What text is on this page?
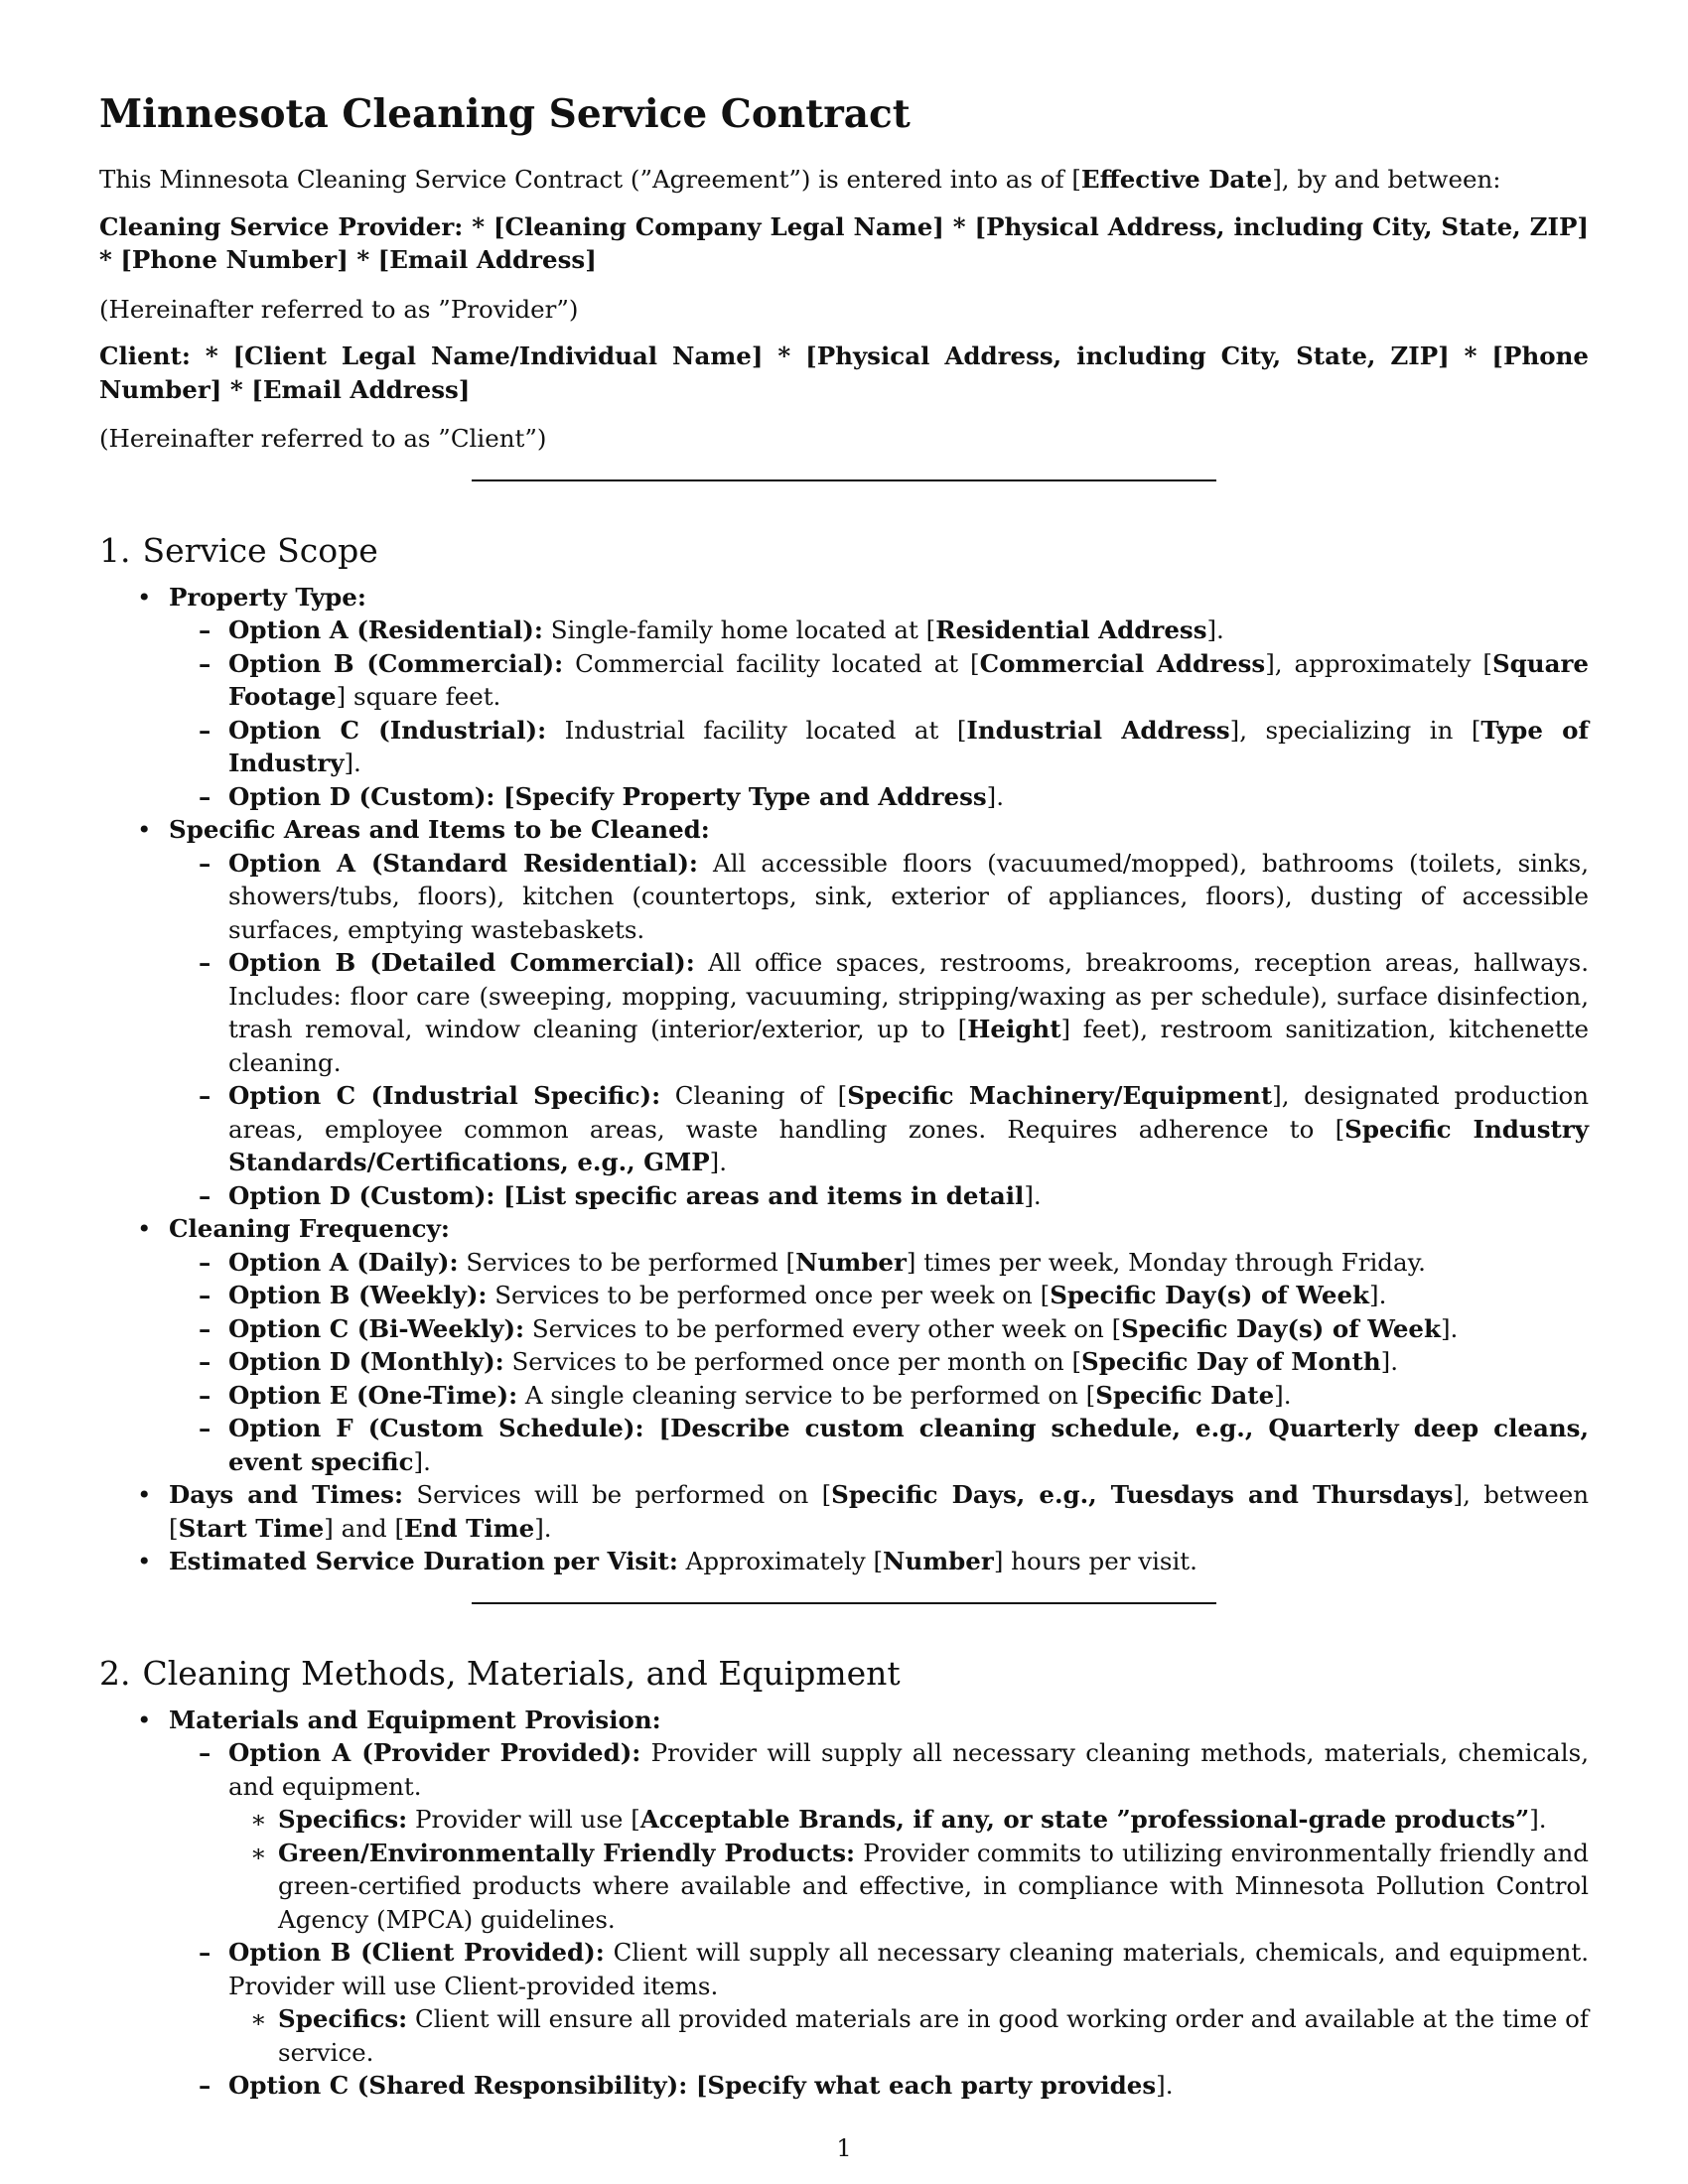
Minnesota Cleaning Service Contract

This Minnesota Cleaning Service Contract (”Agreement”) is entered into as of [Effective Date], by and between:

Cleaning Service Provider: * [Cleaning Company Legal Name] * [Physical Address, including City, State, ZIP] * [Phone Number] * [Email Address]

(Hereinafter referred to as ”Provider”)

Client: * [Client Legal Name/Individual Name] * [Physical Address, including City, State, ZIP] * [Phone Number] * [Email Address]

(Hereinafter referred to as ”Client”)

1. Service Scope
• Property Type:
– Option A (Residential): Single-family home located at [Residential Address].
– Option B (Commercial): Commercial facility located at [Commercial Address], approximately [Square Footage] square feet.
– Option C (Industrial): Industrial facility located at [Industrial Address], specializing in [Type of Industry].
– Option D (Custom): [Specify Property Type and Address].
• Specific Areas and Items to be Cleaned:
– Option A (Standard Residential): All accessible floors (vacuumed/mopped), bathrooms (toilets, sinks, showers/tubs, floors), kitchen (countertops, sink, exterior of appliances, floors), dusting of accessible surfaces, emptying wastebaskets.
– Option B (Detailed Commercial): All office spaces, restrooms, breakrooms, reception areas, hallways. Includes: floor care (sweeping, mopping, vacuuming, stripping/waxing as per schedule), surface disinfection, trash removal, window cleaning (interior/exterior, up to [Height] feet), restroom sanitization, kitchenette cleaning.
– Option C (Industrial Specific): Cleaning of [Specific Machinery/Equipment], designated production areas, employee common areas, waste handling zones. Requires adherence to [Specific Industry Standards/Certifications, e.g., GMP].
– Option D (Custom): [List specific areas and items in detail].
• Cleaning Frequency:
– Option A (Daily): Services to be performed [Number] times per week, Monday through Friday.
– Option B (Weekly): Services to be performed once per week on [Specific Day(s) of Week].
– Option C (Bi-Weekly): Services to be performed every other week on [Specific Day(s) of Week].
– Option D (Monthly): Services to be performed once per month on [Specific Day of Month].
– Option E (One-Time): A single cleaning service to be performed on [Specific Date].
– Option F (Custom Schedule): [Describe custom cleaning schedule, e.g., Quarterly deep cleans, event specific].
• Days and Times: Services will be performed on [Specific Days, e.g., Tuesdays and Thursdays], between [Start Time] and [End Time].
• Estimated Service Duration per Visit: Approximately [Number] hours per visit.
2. Cleaning Methods, Materials, and Equipment
• Materials and Equipment Provision:
– Option A (Provider Provided): Provider will supply all necessary cleaning methods, materials, chemicals, and equipment.
∗ Specifics: Provider will use [Acceptable Brands, if any, or state ”professional-grade products”].
∗ Green/Environmentally Friendly Products: Provider commits to utilizing environmentally friendly and green-certified products where available and effective, in compliance with Minnesota Pollution Control Agency (MPCA) guidelines.
– Option B (Client Provided): Client will supply all necessary cleaning materials, chemicals, and equipment. Provider will use Client-provided items.
∗ Specifics: Client will ensure all provided materials are in good working order and available at the time of service.
– Option C (Shared Responsibility): [Specify what each party provides].
1
